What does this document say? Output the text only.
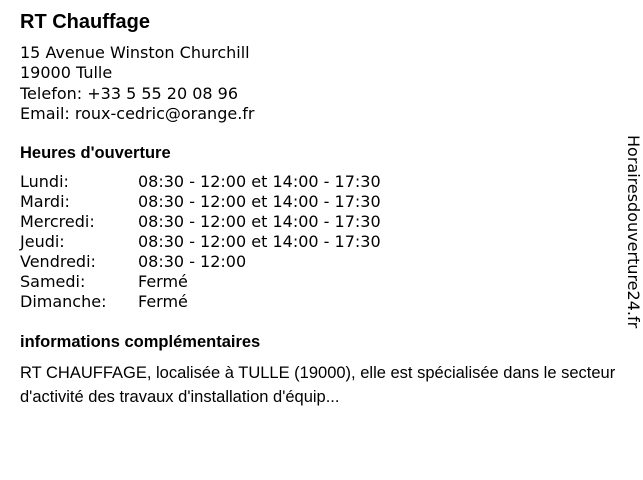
RT Chauffage
15 Avenue Winston Churchill
19000 Tulle
Telefon: +33 5 55 20 08 96
Email: roux-cedric@orange.fr
Heures d'ouverture
Lundi:	08:30 - 12:00 et 14:00 - 17:30
Mardi:	08:30 - 12:00 et 14:00 - 17:30
Mercredi:	08:30 - 12:00 et 14:00 - 17:30
Jeudi:	08:30 - 12:00 et 14:00 - 17:30
Vendredi:	08:30 - 12:00
Samedi:	Fermé
Dimanche:	Fermé
informations complémentaires
RT CHAUFFAGE, localisée à TULLE (19000), elle est spécialisée dans le secteur d'activité des travaux d'installation d'équip...
Horairesdouverture24.fr
